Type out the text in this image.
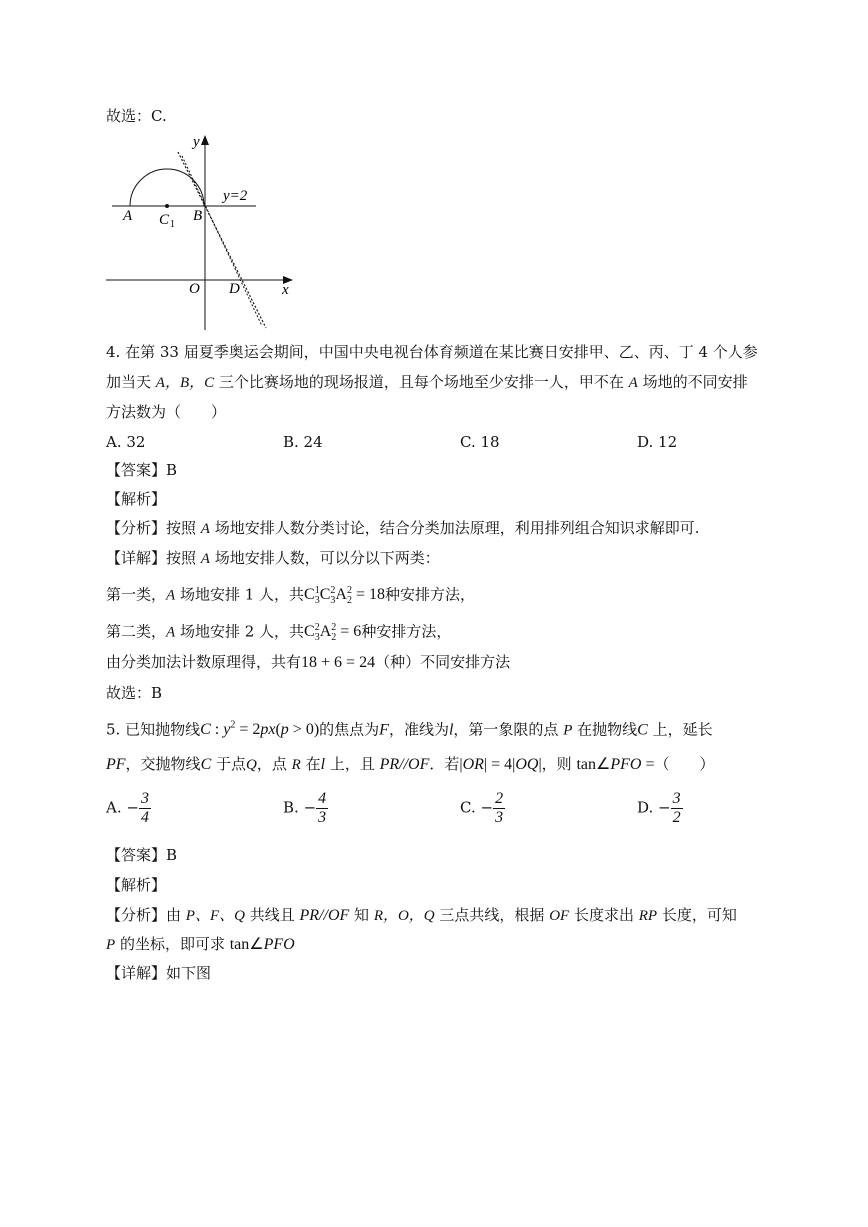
故选：C.
y
x
O
A C 1
B
D
y=2
4. 在第 33 届夏季奥运会期间，中国中央电视台体育频道在某比赛日安排甲、乙、丙、丁 4 个人参
加当天 A，B，C 三个比赛场地的现场报道，且每个场地至少安排一人，甲不在 A 场地的不同安排
方法数为（　　）
A. 32	B. 24	C. 18	D. 12
【答案】B
【解析】
【分析】按照 A 场地安排人数分类讨论，结合分类加法原理，利用排列组合知识求解即可.
【详解】按照 A 场地安排人数，可以分以下两类：
第一类，A 场地安排 1 人，共$C_3^1C_3^2A_2^2 = 18$种安排方法，
第二类，A 场地安排 2 人，共$C_3^2A_2^2 = 6$种安排方法，
由分类加法计数原理得，共有18 + 6 = 24（种）不同安排方法
故选：B
5. 已知抛物线C : $y^2 = 2px(p > 0)$的焦点为F，准线为l，第一象限的点 P 在抛物线C 上，延长
PF，交抛物线C 于点Q，点 R 在l 上，且 PR//OF．若|OR| = 4|OQ|，则 tan∠PFO =（　　）
A. − $\frac{3}{4}$	B. − $\frac{4}{3}$	C. − $\frac{2}{3}$	D. − $\frac{3}{2}$
【答案】B
【解析】
【分析】由 P、F、Q 共线且 PR//OF 知 R，O，Q 三点共线，根据 OF 长度求出 RP 长度，可知
P 的坐标，即可求 tan∠PFO
【详解】如下图
